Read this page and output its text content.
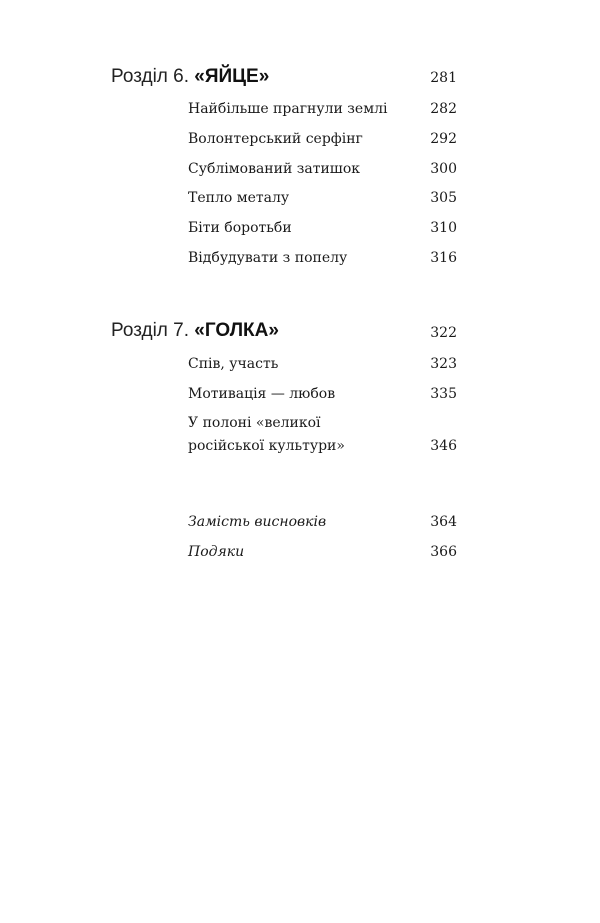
Розділ 6. «ЯЙЦЕ»	281
Найбільше прагнули землі	282
Волонтерський серфінг	292
Сублімований затишок	300
Тепло металу	305
Біти боротьби	310
Відбудувати з попелу	316
Розділ 7. «ГОЛКА»	322
Спів, участь	323
Мотивація — любов	335
У полоні «великої
російської культури»	346
Замість висновків	364
Подяки	366
